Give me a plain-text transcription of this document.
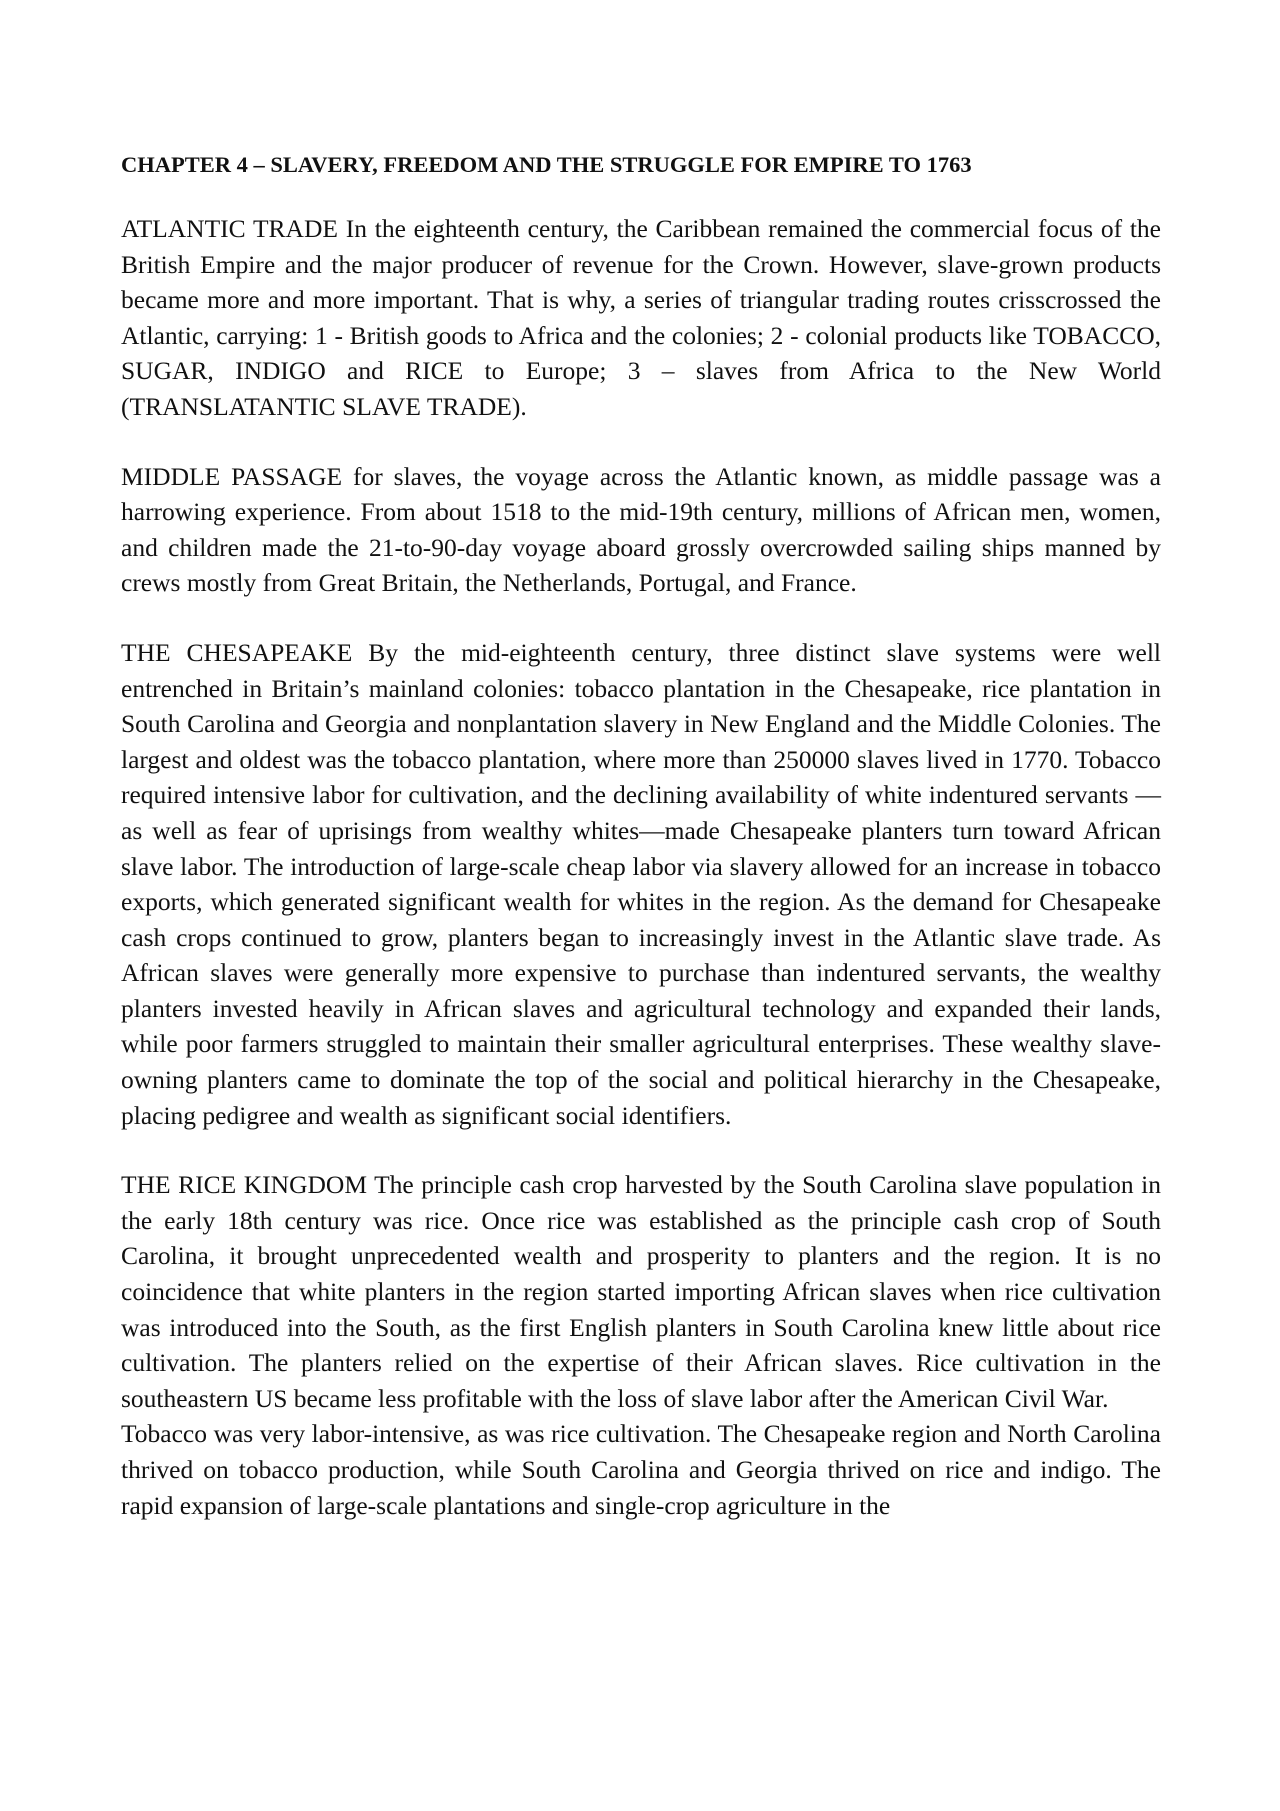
CHAPTER 4 – SLAVERY, FREEDOM AND THE STRUGGLE FOR EMPIRE TO 1763

ATLANTIC TRADE In the eighteenth century, the Caribbean remained the commercial focus of the British Empire and the major producer of revenue for the Crown. However, slave-grown products became more and more important. That is why, a series of triangular trading routes crisscrossed the Atlantic, carrying: 1 - British goods to Africa and the colonies; 2 - colonial products like TOBACCO, SUGAR, INDIGO and RICE to Europe; 3 – slaves from Africa to the New World (TRANSLATANTIC SLAVE TRADE).

MIDDLE PASSAGE for slaves, the voyage across the Atlantic known, as middle passage was a harrowing experience. From about 1518 to the mid-19th century, millions of African men, women, and children made the 21-to-90-day voyage aboard grossly overcrowded sailing ships manned by crews mostly from Great Britain, the Netherlands, Portugal, and France.

THE CHESAPEAKE By the mid-eighteenth century, three distinct slave systems were well entrenched in Britain’s mainland colonies: tobacco plantation in the Chesapeake, rice plantation in South Carolina and Georgia and nonplantation slavery in New England and the Middle Colonies. The largest and oldest was the tobacco plantation, where more than 250000 slaves lived in 1770. Tobacco required intensive labor for cultivation, and the declining availability of white indentured servants —as well as fear of uprisings from wealthy whites—made Chesapeake planters turn toward African slave labor. The introduction of large-scale cheap labor via slavery allowed for an increase in tobacco exports, which generated significant wealth for whites in the region. As the demand for Chesapeake cash crops continued to grow, planters began to increasingly invest in the Atlantic slave trade. As African slaves were generally more expensive to purchase than indentured servants, the wealthy planters invested heavily in African slaves and agricultural technology and expanded their lands, while poor farmers struggled to maintain their smaller agricultural enterprises. These wealthy slave-owning planters came to dominate the top of the social and political hierarchy in the Chesapeake, placing pedigree and wealth as significant social identifiers.

THE RICE KINGDOM The principle cash crop harvested by the South Carolina slave population in the early 18th century was rice. Once rice was established as the principle cash crop of South Carolina, it brought unprecedented wealth and prosperity to planters and the region. It is no coincidence that white planters in the region started importing African slaves when rice cultivation was introduced into the South, as the first English planters in South Carolina knew little about rice cultivation. The planters relied on the expertise of their African slaves. Rice cultivation in the southeastern US became less profitable with the loss of slave labor after the American Civil War.

Tobacco was very labor-intensive, as was rice cultivation. The Chesapeake region and North Carolina thrived on tobacco production, while South Carolina and Georgia thrived on rice and indigo. The rapid expansion of large-scale plantations and single-crop agriculture in the
